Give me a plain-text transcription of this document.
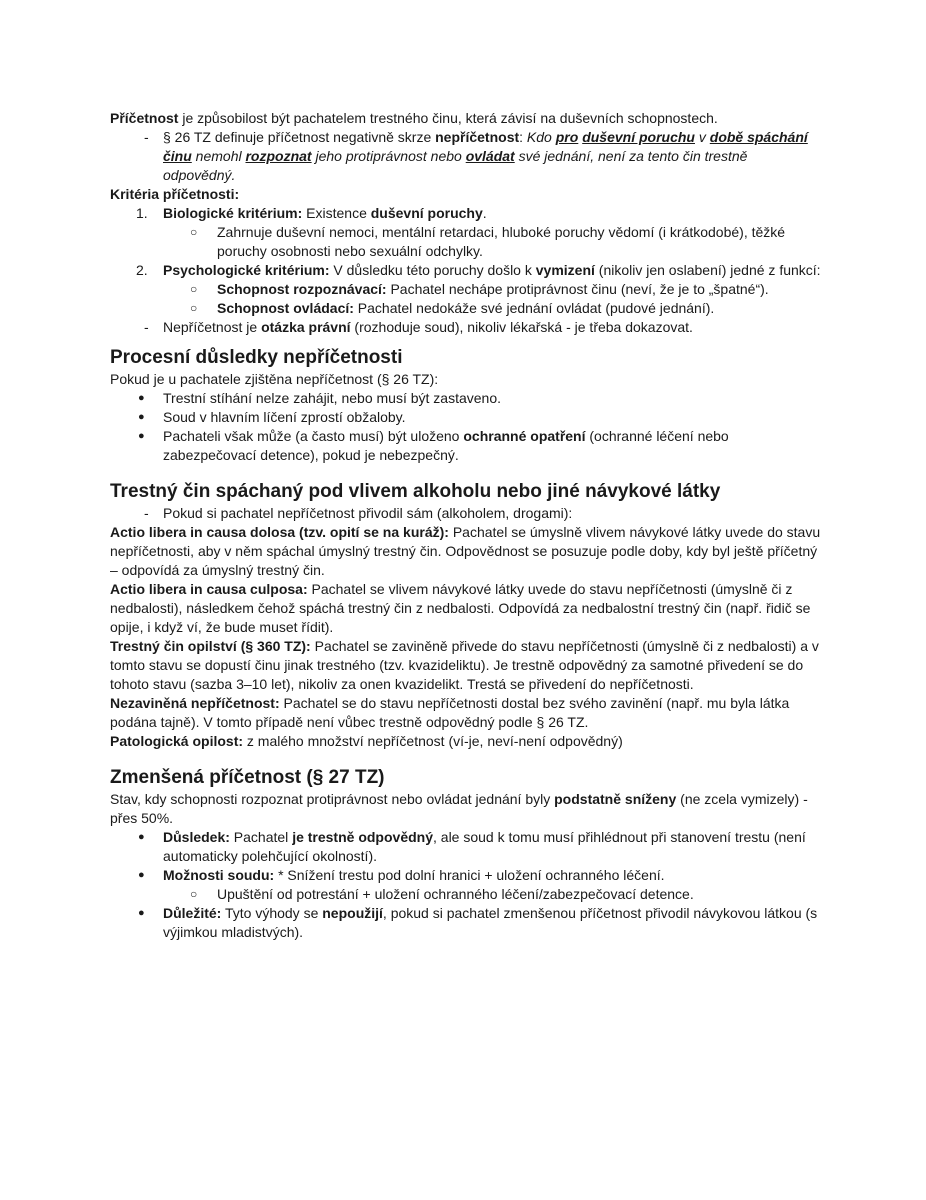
Příčetnost je způsobilost být pachatelem trestného činu, která závisí na duševních schopnostech.

- § 26 TZ definuje příčetnost negativně skrze nepříčetnost: Kdo pro duševní poruchu v době spáchání činu nemohl rozpoznat jeho protiprávnost nebo ovládat své jednání, není za tento čin trestně odpovědný.

Kritéria příčetnosti:

1. Biologické kritérium: Existence duševní poruchy.

○ Zahrnuje duševní nemoci, mentální retardaci, hluboké poruchy vědomí (i krátkodobé), těžké poruchy osobnosti nebo sexuální odchylky.

2. Psychologické kritérium: V důsledku této poruchy došlo k vymizení (nikoliv jen oslabení) jedné z funkcí:

○ Schopnost rozpoznávací: Pachatel nechápe protiprávnost činu (neví, že je to „špatné“).

○ Schopnost ovládací: Pachatel nedokáže své jednání ovládat (pudové jednání).

- Nepříčetnost je otázka právní (rozhoduje soud), nikoliv lékařská - je třeba dokazovat.

Procesní důsledky nepříčetnosti

Pokud je u pachatele zjištěna nepříčetnost (§ 26 TZ):

● Trestní stíhání nelze zahájit, nebo musí být zastaveno.

● Soud v hlavním líčení zprostí obžaloby.

● Pachateli však může (a často musí) být uloženo ochranné opatření (ochranné léčení nebo zabezpečovací detence), pokud je nebezpečný.

Trestný čin spáchaný pod vlivem alkoholu nebo jiné návykové látky
- Pokud si pachatel nepříčetnost přivodil sám (alkoholem, drogami):

Actio libera in causa dolosa (tzv. opití se na kuráž): Pachatel se úmyslně vlivem návykové látky uvede do stavu nepříčetnosti, aby v něm spáchal úmyslný trestný čin. Odpovědnost se posuzuje podle doby, kdy byl ještě příčetný – odpovídá za úmyslný trestný čin.

Actio libera in causa culposa: Pachatel se vlivem návykové látky uvede do stavu nepříčetnosti (úmyslně či z nedbalosti), následkem čehož spáchá trestný čin z nedbalosti. Odpovídá za nedbalostní trestný čin (např. řidič se opije, i když ví, že bude muset řídit).

Trestný čin opilství (§ 360 TZ): Pachatel se zaviněně přivede do stavu nepříčetnosti (úmyslně či z nedbalosti) a v tomto stavu se dopustí činu jinak trestného (tzv. kvazideliktu). Je trestně odpovědný za samotné přivedení se do tohoto stavu (sazba 3–10 let), nikoliv za onen kvazidelikt. Trestá se přivedení do nepříčetnosti.

Nezaviněná nepříčetnost: Pachatel se do stavu nepříčetnosti dostal bez svého zavinění (např. mu byla látka podána tajně). V tomto případě není vůbec trestně odpovědný podle § 26 TZ.

Patologická opilost: z malého množství nepříčetnost (ví-je, neví-není odpovědný)

Zmenšená příčetnost (§ 27 TZ)

Stav, kdy schopnosti rozpoznat protiprávnost nebo ovládat jednání byly podstatně sníženy (ne zcela vymizely) - přes 50%.

● Důsledek: Pachatel je trestně odpovědný, ale soud k tomu musí přihlédnout při stanovení trestu (není automaticky polehčující okolností).

● Možnosti soudu: * Snížení trestu pod dolní hranici + uložení ochranného léčení.

○ Upuštění od potrestání + uložení ochranného léčení/zabezpečovací detence.

● Důležité: Tyto výhody se nepoužijí, pokud si pachatel zmenšenou příčetnost přivodil návykovou látkou (s výjimkou mladistvých).
